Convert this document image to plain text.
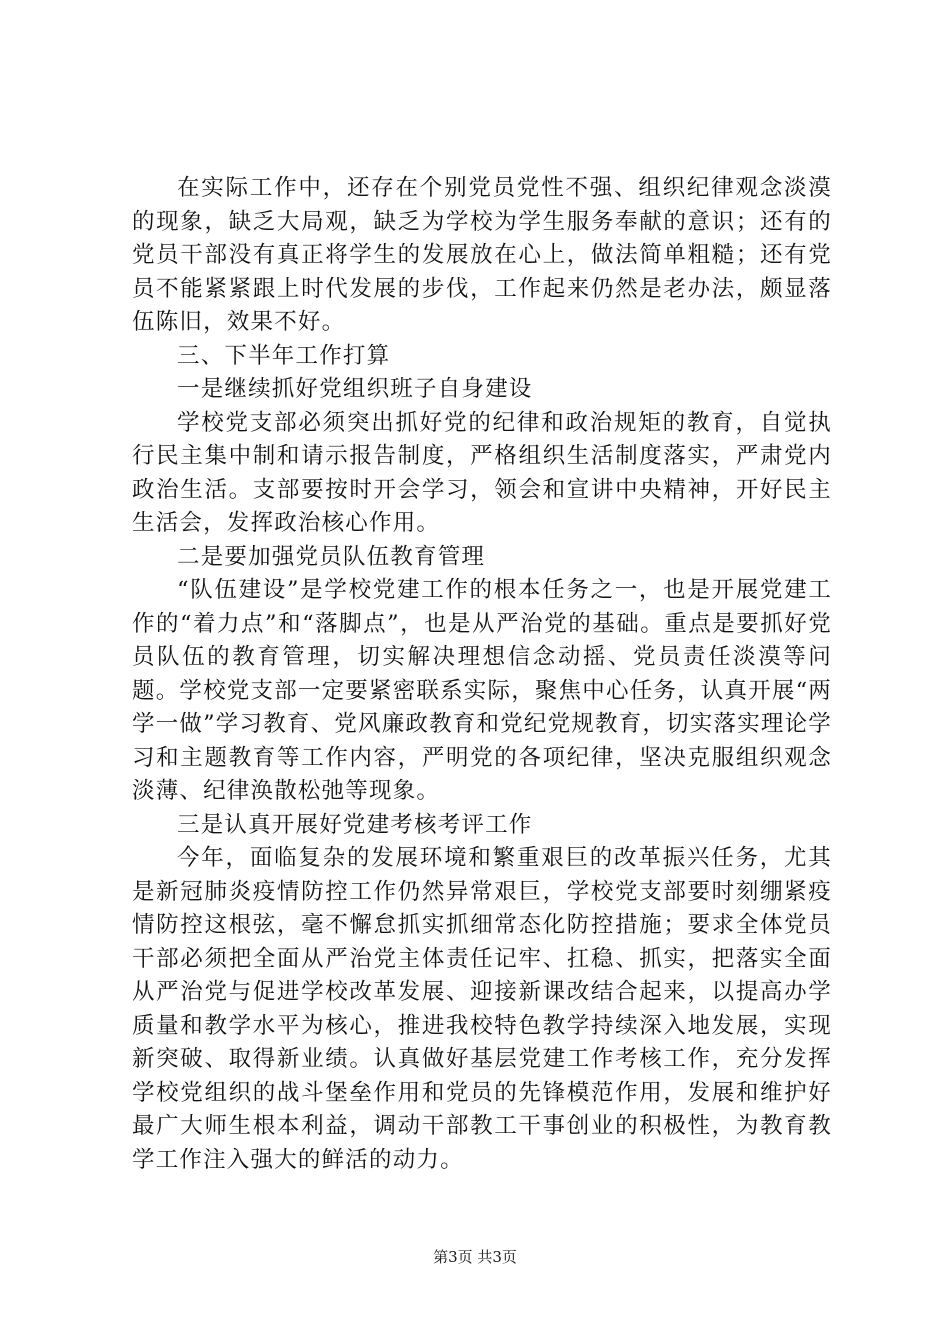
在实际工作中，还存在个别党员党性不强、组织纪律观念淡漠的现象，缺乏大局观，缺乏为学校为学生服务奉献的意识；还有的党员干部没有真正将学生的发展放在心上，做法简单粗糙；还有党员不能紧紧跟上时代发展的步伐，工作起来仍然是老办法，颇显落伍陈旧，效果不好。

三、下半年工作打算

一是继续抓好党组织班子自身建设

学校党支部必须突出抓好党的纪律和政治规矩的教育，自觉执行民主集中制和请示报告制度，严格组织生活制度落实，严肃党内政治生活。支部要按时开会学习，领会和宣讲中央精神，开好民主生活会，发挥政治核心作用。

二是要加强党员队伍教育管理

“队伍建设”是学校党建工作的根本任务之一，也是开展党建工作的“着力点”和“落脚点”，也是从严治党的基础。重点是要抓好党员队伍的教育管理，切实解决理想信念动摇、党员责任淡漠等问题。学校党支部一定要紧密联系实际，聚焦中心任务，认真开展“两学一做”学习教育、党风廉政教育和党纪党规教育，切实落实理论学习和主题教育等工作内容，严明党的各项纪律，坚决克服组织观念淡薄、纪律涣散松弛等现象。

三是认真开展好党建考核考评工作

今年，面临复杂的发展环境和繁重艰巨的改革振兴任务，尤其是新冠肺炎疫情防控工作仍然异常艰巨，学校党支部要时刻绷紧疫情防控这根弦，毫不懈怠抓实抓细常态化防控措施；要求全体党员干部必须把全面从严治党主体责任记牢、扛稳、抓实，把落实全面从严治党与促进学校改革发展、迎接新课改结合起来，以提高办学质量和教学水平为核心，推进我校特色教学持续深入地发展，实现新突破、取得新业绩。认真做好基层党建工作考核工作，充分发挥学校党组织的战斗堡垒作用和党员的先锋模范作用，发展和维护好最广大师生根本利益，调动干部教工干事创业的积极性，为教育教学工作注入强大的鲜活的动力。

第3页 共3页
